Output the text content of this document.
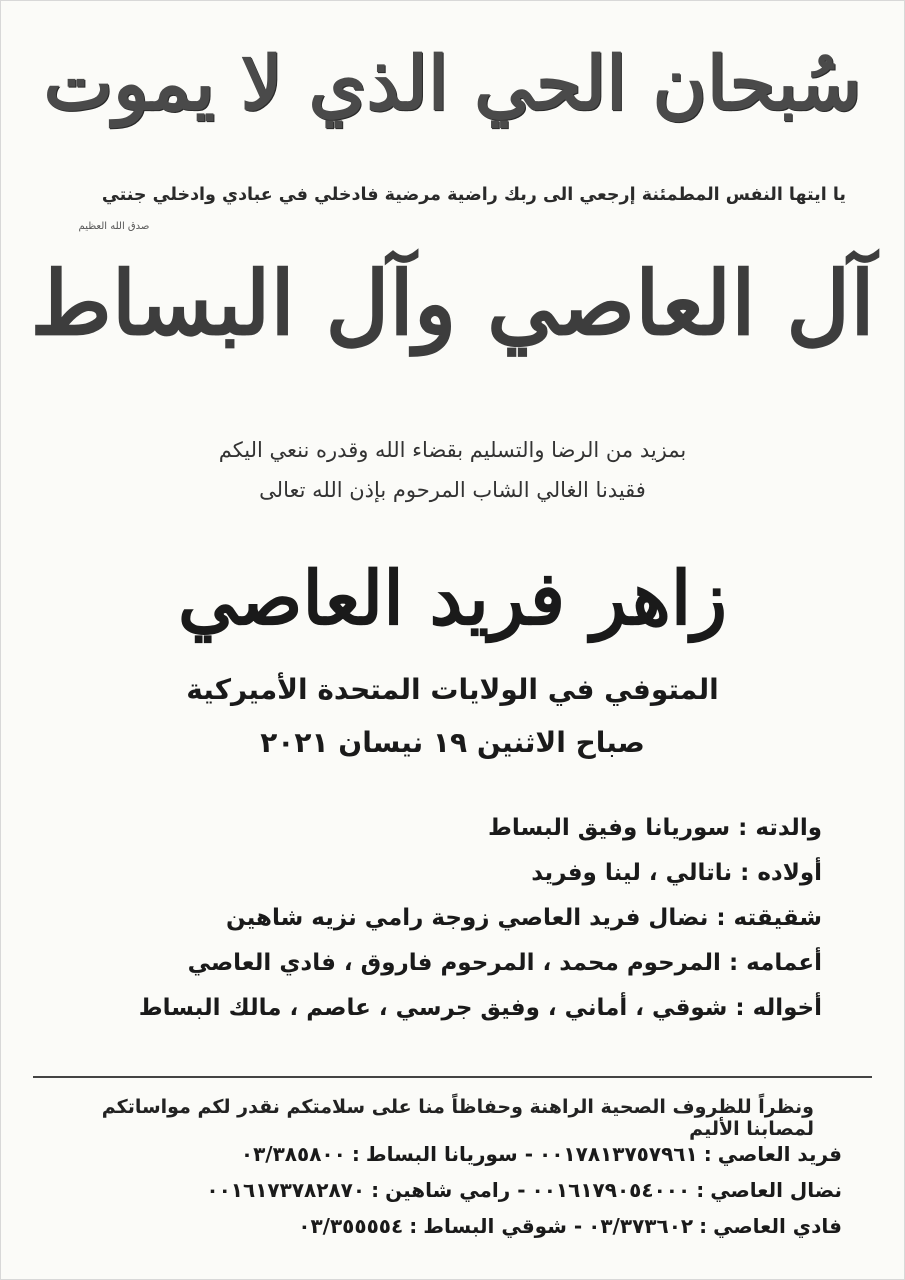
سُبحان الحي الذي لا يموت
يا ايتها النفس المطمئنة إرجعي الى ربك راضية مرضية فادخلي في عبادي وادخلي جنتي
صدق الله العظيم
آل العاصي وآل البساط
بمزيد من الرضا والتسليم بقضاء الله وقدره ننعي اليكم
فقيدنا الغالي الشاب المرحوم بإذن الله تعالى
زاهر فريد العاصي
المتوفي في الولايات المتحدة الأميركية
صباح الاثنين ١٩ نيسان ٢٠٢١
والدته : سوريانا وفيق البساط
أولاده : ناتالي ، لينا وفريد
شقيقته : نضال فريد العاصي زوجة رامي نزيه شاهين
أعمامه : المرحوم محمد ، المرحوم فاروق ، فادي العاصي
أخواله : شوقي ، أماني ، وفيق جرسي ، عاصم ، مالك البساط
ونظراً للظروف الصحية الراهنة وحفاظاً منا على سلامتكم نقدر لكم مواساتكم لمصابنا الأليم
فريد العاصي:٠٠١٧٨١٣٧٥٧٩٦١- سوريانا البساط:٠٣/٣٨٥٨٠٠
نضال العاصي:٠٠١٦١٧٩٠٥٤٠٠٠- رامي شاهين:٠٠١٦١٧٣٧٨٢٨٧٠
فادي العاصي:٠٣/٣٧٣٦٠٢- شوقي البساط:٠٣/٣٥٥٥٥٤
